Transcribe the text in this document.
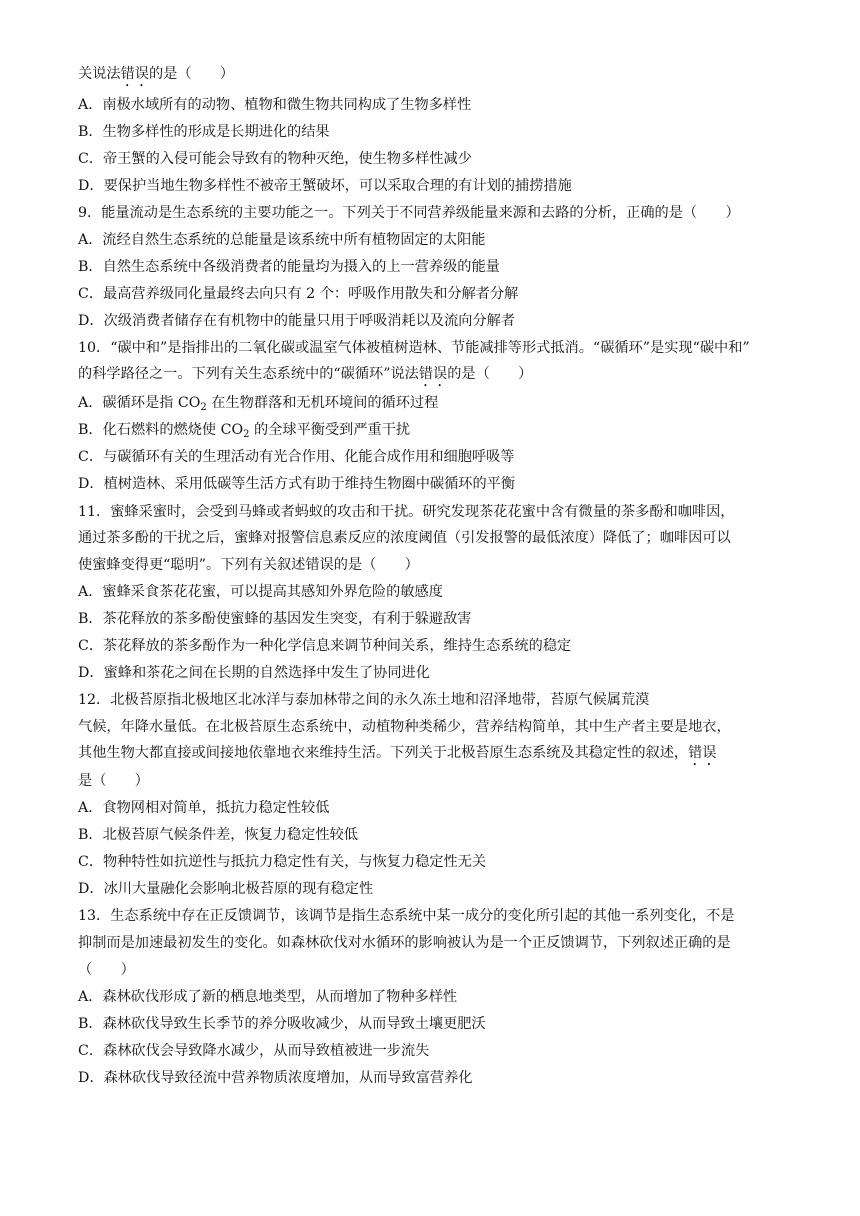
关说法错误的是（　　）
A．南极水域所有的动物、植物和微生物共同构成了生物多样性
B．生物多样性的形成是长期进化的结果
C．帝王蟹的入侵可能会导致有的物种灭绝，使生物多样性减少
D．要保护当地生物多样性不被帝王蟹破坏，可以采取合理的有计划的捕捞措施
9．能量流动是生态系统的主要功能之一。下列关于不同营养级能量来源和去路的分析，正确的是（　　）
A．流经自然生态系统的总能量是该系统中所有植物固定的太阳能
B．自然生态系统中各级消费者的能量均为摄入的上一营养级的能量
C．最高营养级同化量最终去向只有 2 个：呼吸作用散失和分解者分解
D．次级消费者储存在有机物中的能量只用于呼吸消耗以及流向分解者
10．“碳中和”是指排出的二氧化碳或温室气体被植树造林、节能减排等形式抵消。“碳循环”是实现“碳中和”
的科学路径之一。下列有关生态系统中的“碳循环”说法错误的是（　　）
A．碳循环是指 $CO_2$ 在生物群落和无机环境间的循环过程
B．化石燃料的燃烧使 $CO_2$ 的全球平衡受到严重干扰
C．与碳循环有关的生理活动有光合作用、化能合成作用和细胞呼吸等
D．植树造林、采用低碳等生活方式有助于维持生物圈中碳循环的平衡
11．蜜蜂采蜜时，会受到马蜂或者蚂蚁的攻击和干扰。研究发现茶花花蜜中含有微量的茶多酚和咖啡因，
通过茶多酚的干扰之后，蜜蜂对报警信息素反应的浓度阈值（引发报警的最低浓度）降低了；咖啡因可以
使蜜蜂变得更“聪明”。下列有关叙述错误的是（　　）
A．蜜蜂采食茶花花蜜，可以提高其感知外界危险的敏感度
B．茶花释放的茶多酚使蜜蜂的基因发生突变，有利于躲避敌害
C．茶花释放的茶多酚作为一种化学信息来调节种间关系，维持生态系统的稳定
D．蜜蜂和茶花之间在长期的自然选择中发生了协同进化
12．北极苔原指北极地区北冰洋与泰加林带之间的永久冻土地和沼泽地带，苔原气候属荒漠
气候，年降水量低。在北极苔原生态系统中，动植物种类稀少，营养结构简单，其中生产者主要是地衣，
其他生物大都直接或间接地依靠地衣来维持生活。下列关于北极苔原生态系统及其稳定性的叙述，错误
是（　　）
A．食物网相对简单，抵抗力稳定性较低
B．北极苔原气候条件差，恢复力稳定性较低
C．物种特性如抗逆性与抵抗力稳定性有关，与恢复力稳定性无关
D．冰川大量融化会影响北极苔原的现有稳定性
13．生态系统中存在正反馈调节，该调节是指生态系统中某一成分的变化所引起的其他一系列变化，不是
抑制而是加速最初发生的变化。如森林砍伐对水循环的影响被认为是一个正反馈调节，下列叙述正确的是
（　　）
A．森林砍伐形成了新的栖息地类型，从而增加了物种多样性
B．森林砍伐导致生长季节的养分吸收减少，从而导致土壤更肥沃
C．森林砍伐会导致降水减少，从而导致植被进一步流失
D．森林砍伐导致径流中营养物质浓度增加，从而导致富营养化
